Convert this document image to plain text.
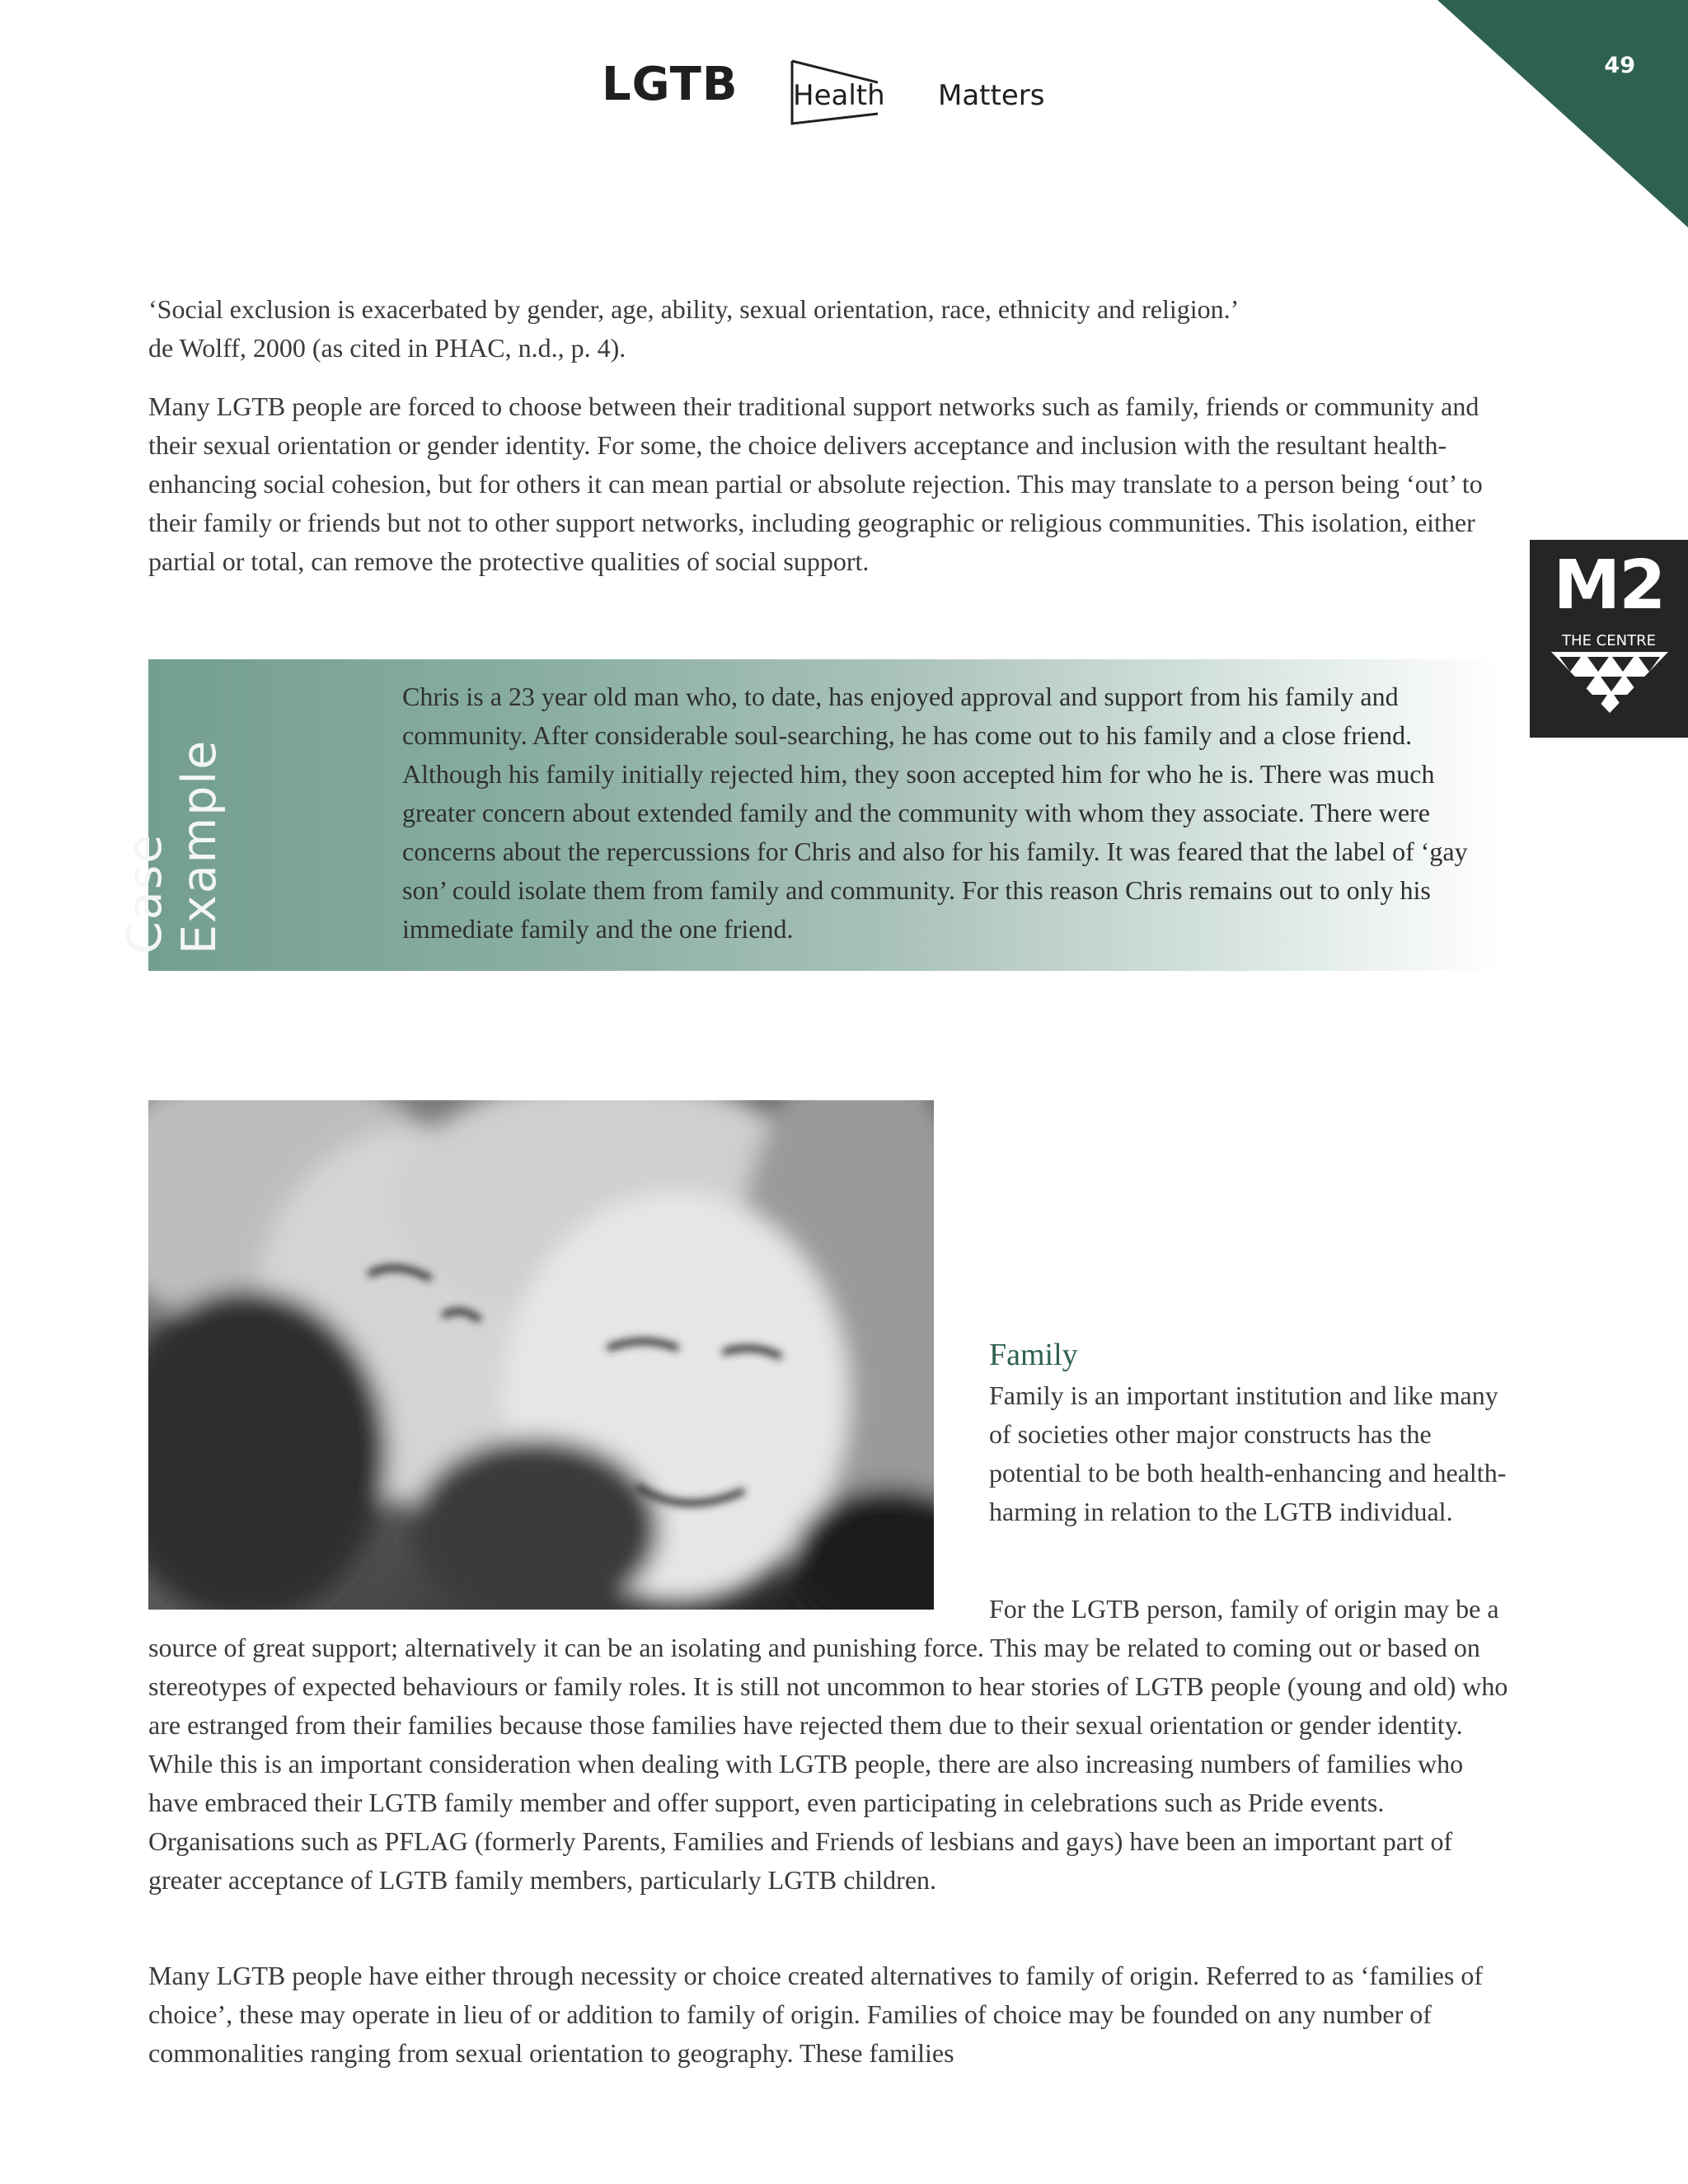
49
LGTB Health Matters
M2
THE CENTRE

‘Social exclusion is exacerbated by gender, age, ability, sexual orientation, race, ethnicity and religion.’
de Wolff, 2000 (as cited in PHAC, n.d., p. 4).

Many LGTB people are forced to choose between their traditional support networks such as family, friends or community and their sexual orientation or gender identity. For some, the choice delivers acceptance and inclusion with the resultant health-enhancing social cohesion, but for others it can mean partial or absolute rejection. This may translate to a person being ‘out’ to their family or friends but not to other support networks, including geographic or religious communities. This isolation, either partial or total, can remove the protective qualities of social support.

Case
Example

Chris is a 23 year old man who, to date, has enjoyed approval and support from his family and community. After considerable soul-searching, he has come out to his family and a close friend. Although his family initially rejected him, they soon accepted him for who he is. There was much greater concern about extended family and the community with whom they associate. There were concerns about the repercussions for Chris and also for his family. It was feared that the label of ‘gay son’ could isolate them from family and community. For this reason Chris remains out to only his immediate family and the one friend.

Family

Family is an important institution and like many of societies other major constructs has the potential to be both health-enhancing and health-harming in relation to the LGTB individual.

For the LGTB person, family of origin may be a source of great support; alternatively it can be an isolating and punishing force. This may be related to coming out or based on stereotypes of expected behaviours or family roles. It is still not uncommon to hear stories of LGTB people (young and old) who are estranged from their families because those families have rejected them due to their sexual orientation or gender identity. While this is an important consideration when dealing with LGTB people, there are also increasing numbers of families who have embraced their LGTB family member and offer support, even participating in celebrations such as Pride events. Organisations such as PFLAG (formerly Parents, Families and Friends of lesbians and gays) have been an important part of greater acceptance of LGTB family members, particularly LGTB children.

Many LGTB people have either through necessity or choice created alternatives to family of origin. Referred to as ‘families of choice’, these may operate in lieu of or addition to family of origin. Families of choice may be founded on any number of commonalities ranging from sexual orientation to geography. These families
